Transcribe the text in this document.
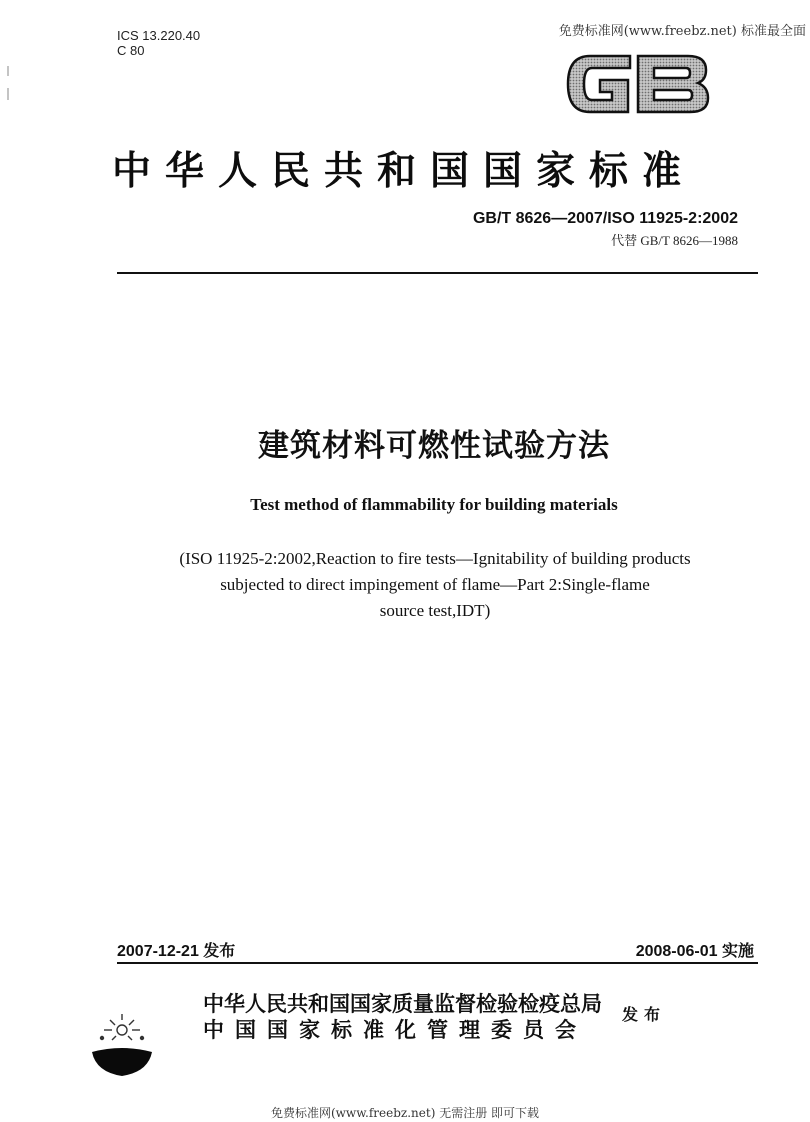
ICS 13.220.40
C 80
免费标准网(www.freebz.net) 标准最全面
中华人民共和国国家标准
GB/T 8626—2007/ISO 11925-2:2002
代替 GB/T 8626—1988
建筑材料可燃性试验方法
Test method of flammability for building materials
(ISO 11925-2:2002,Reaction to fire tests—Ignitability of building products
subjected to direct impingement of flame—Part 2:Single-flame
source test,IDT)
2007-12-21 发布	2008-06-01 实施
中华人民共和国国家质量监督检验检疫总局
中国国家标准化管理委员会
发布
免费标准网(www.freebz.net) 无需注册 即可下载
